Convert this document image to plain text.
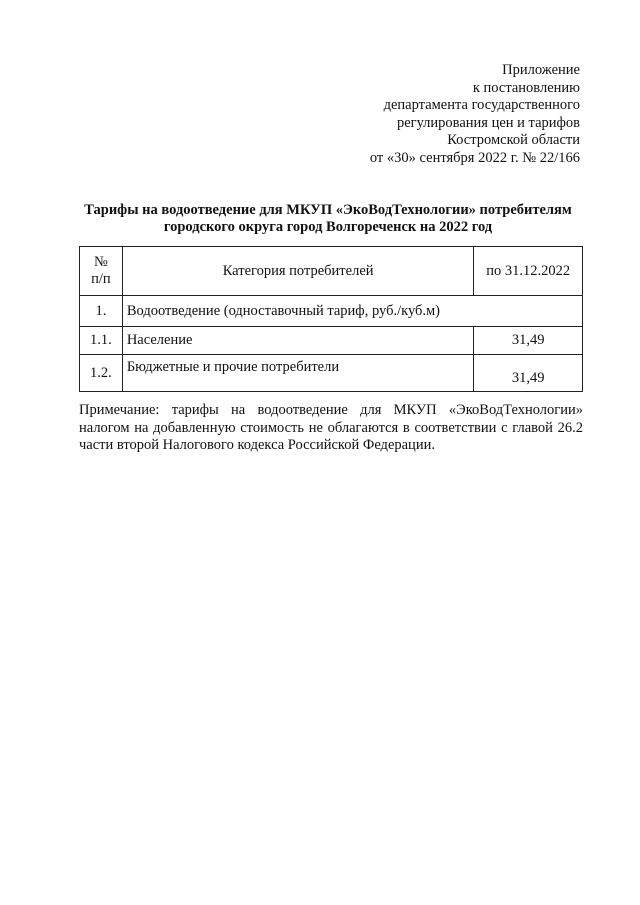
Приложение
к постановлению
департамента государственного
регулирования цен и тарифов
Костромской области
от «30» сентября 2022 г. № 22/166
Тарифы на водоотведение для МКУП «ЭкоВодТехнологии» потребителям
городского округа город Волгореченск на 2022 год
№
п/п	Категория потребителей	по 31.12.2022
1.	Водоотведение (одноставочный тариф, руб./куб.м)	
1.1.	Население	31,49
1.2.	Бюджетные и прочие потребители	31,49
Примечание: тарифы на водоотведение для МКУП «ЭкоВодТехнологии» налогом на добавленную стоимость не облагаются в соответствии с главой 26.2 части второй Налогового кодекса Российской Федерации.
